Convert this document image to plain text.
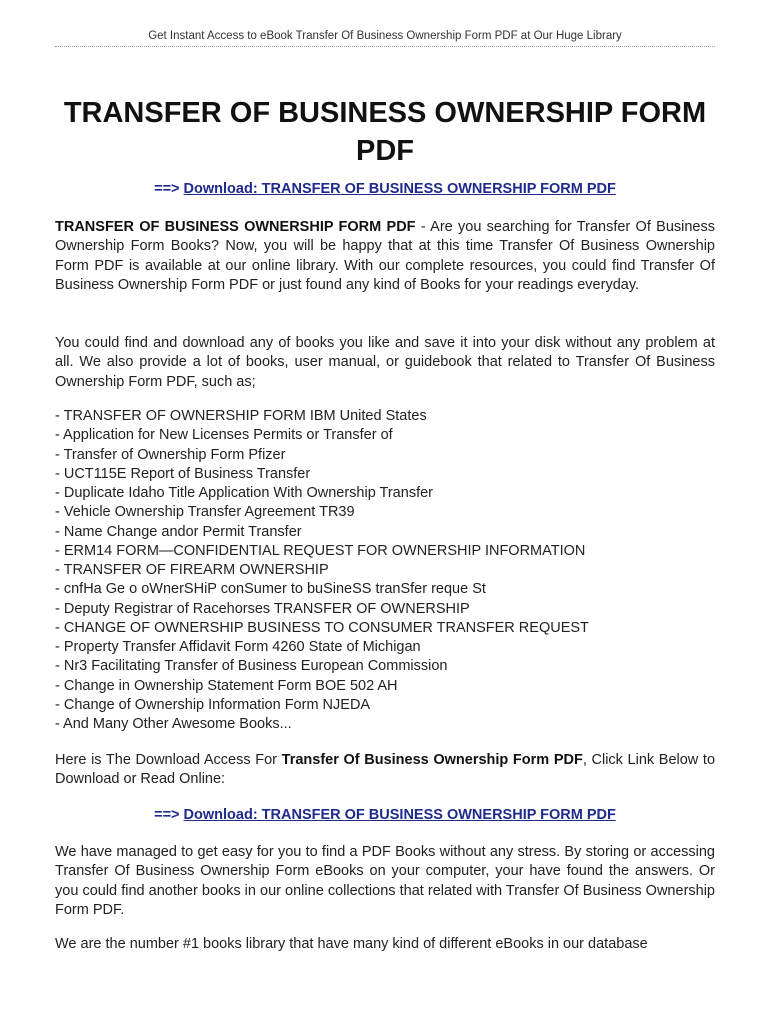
Get Instant Access to eBook Transfer Of Business Ownership Form PDF at Our Huge Library
TRANSFER OF BUSINESS OWNERSHIP FORM PDF
==> Download: TRANSFER OF BUSINESS OWNERSHIP FORM PDF

TRANSFER OF BUSINESS OWNERSHIP FORM PDF - Are you searching for Transfer Of Business Ownership Form Books? Now, you will be happy that at this time Transfer Of Business Ownership Form PDF is available at our online library. With our complete resources, you could find Transfer Of Business Ownership Form PDF or just found any kind of Books for your readings everyday.

You could find and download any of books you like and save it into your disk without any problem at all. We also provide a lot of books, user manual, or guidebook that related to Transfer Of Business Ownership Form PDF, such as;

- TRANSFER OF OWNERSHIP FORM IBM United States
- Application for New Licenses Permits or Transfer of
- Transfer of Ownership Form Pfizer
- UCT115E Report of Business Transfer
- Duplicate Idaho Title Application With Ownership Transfer
- Vehicle Ownership Transfer Agreement TR39
- Name Change andor Permit Transfer
- ERM14 FORM—CONFIDENTIAL REQUEST FOR OWNERSHIP INFORMATION
- TRANSFER OF FIREARM OWNERSHIP
- cnfHa Ge o oWnerSHiP conSumer to buSineSS tranSfer reque St
- Deputy Registrar of Racehorses TRANSFER OF OWNERSHIP
- CHANGE OF OWNERSHIP BUSINESS TO CONSUMER TRANSFER REQUEST
- Property Transfer Affidavit Form 4260 State of Michigan
- Nr3 Facilitating Transfer of Business European Commission
- Change in Ownership Statement Form BOE 502 AH
- Change of Ownership Information Form NJEDA
- And Many Other Awesome Books...

Here is The Download Access For Transfer Of Business Ownership Form PDF, Click Link Below to Download or Read Online:

==> Download: TRANSFER OF BUSINESS OWNERSHIP FORM PDF

We have managed to get easy for you to find a PDF Books without any stress. By storing or accessing Transfer Of Business Ownership Form eBooks on your computer, your have found the answers. Or you could find another books in our online collections that related with Transfer Of Business Ownership Form PDF.

We are the number #1 books library that have many kind of different eBooks in our database
